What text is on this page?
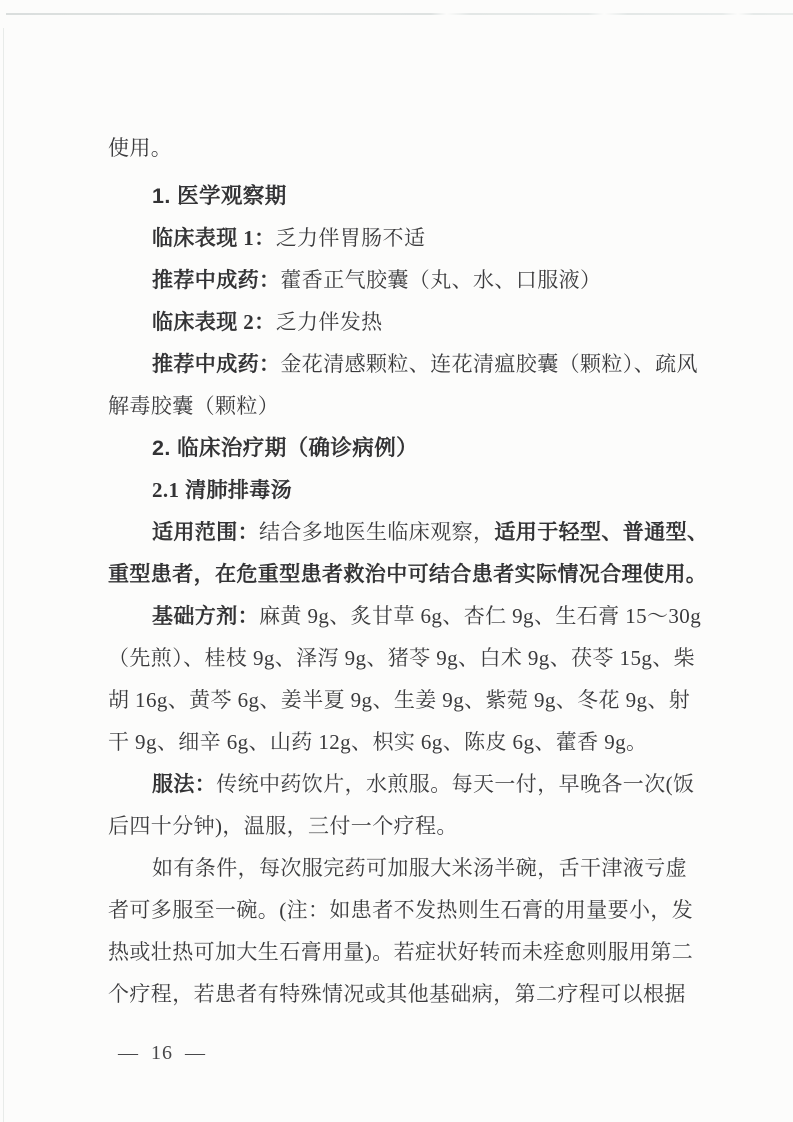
使用。
1. 医学观察期
临床表现 1：乏力伴胃肠不适
推荐中成药：藿香正气胶囊（丸、水、口服液）
临床表现 2：乏力伴发热
推荐中成药：金花清感颗粒、连花清瘟胶囊（颗粒）、疏风
解毒胶囊（颗粒）
2. 临床治疗期（确诊病例）
2.1 清肺排毒汤
适用范围：结合多地医生临床观察，适用于轻型、普通型、
重型患者，在危重型患者救治中可结合患者实际情况合理使用。
基础方剂：麻黄 9g、炙甘草 6g、杏仁 9g、生石膏 15～30g
（先煎）、桂枝 9g、泽泻 9g、猪苓 9g、白术 9g、茯苓 15g、柴
胡 16g、黄芩 6g、姜半夏 9g、生姜 9g、紫菀 9g、冬花 9g、射
干 9g、细辛 6g、山药 12g、枳实 6g、陈皮 6g、藿香 9g。
服法：传统中药饮片，水煎服。每天一付，早晚各一次(饭
后四十分钟)，温服，三付一个疗程。
如有条件，每次服完药可加服大米汤半碗，舌干津液亏虚
者可多服至一碗。(注：如患者不发热则生石膏的用量要小，发
热或壮热可加大生石膏用量)。若症状好转而未痊愈则服用第二
个疗程，若患者有特殊情况或其他基础病，第二疗程可以根据
—  16  —
